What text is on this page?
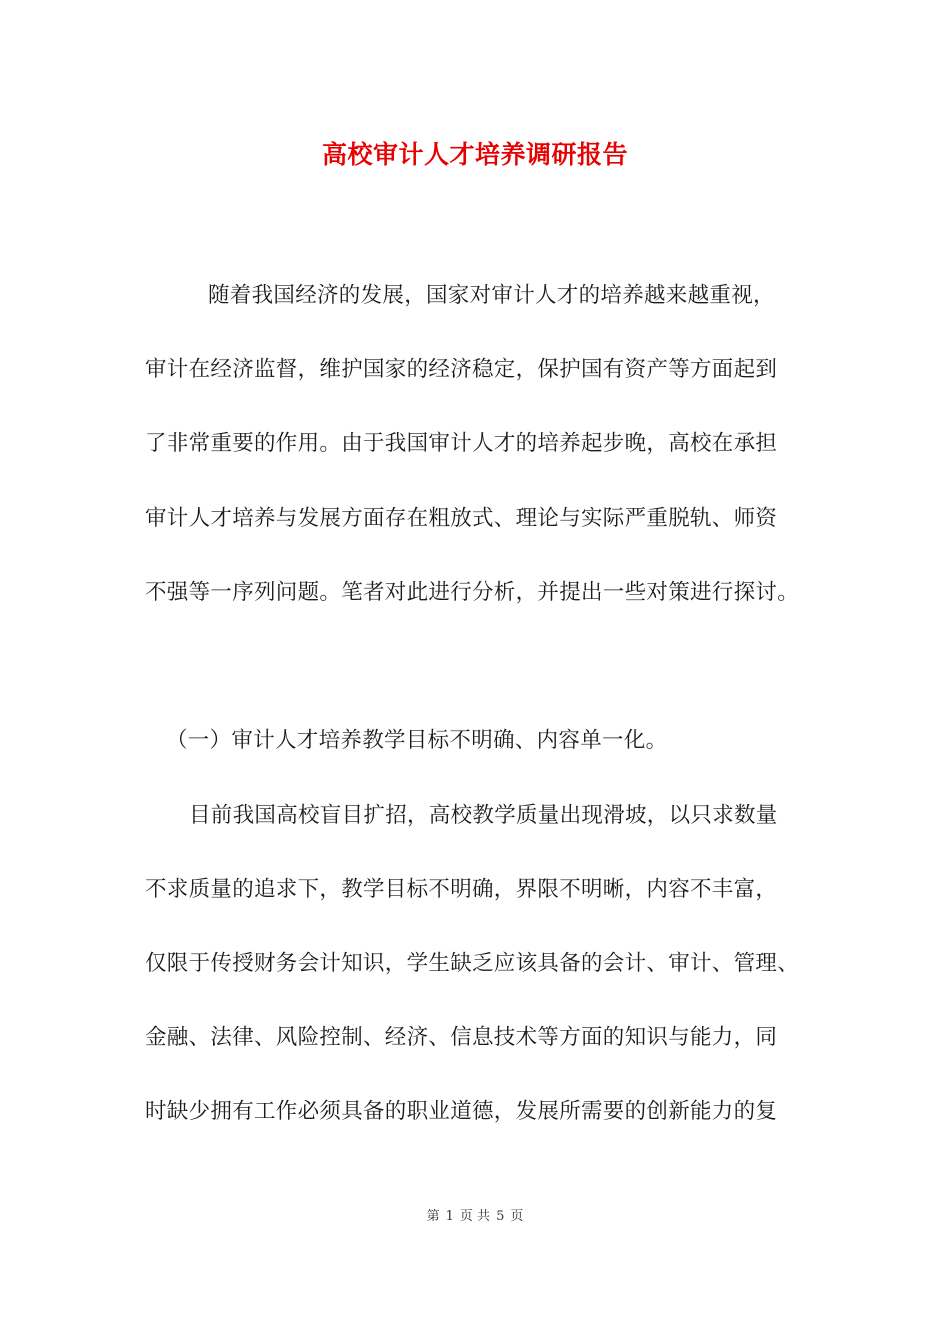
高校审计人才培养调研报告
随着我国经济的发展，国家对审计人才的培养越来越重视，
审计在经济监督，维护国家的经济稳定，保护国有资产等方面起到
了非常重要的作用。由于我国审计人才的培养起步晚，高校在承担
审计人才培养与发展方面存在粗放式、理论与实际严重脱轨、师资
不强等一序列问题。笔者对此进行分析，并提出一些对策进行探讨。
（一）审计人才培养教学目标不明确、内容单一化。
目前我国高校盲目扩招，高校教学质量出现滑坡，以只求数量
不求质量的追求下，教学目标不明确，界限不明晰，内容不丰富，
仅限于传授财务会计知识，学生缺乏应该具备的会计、审计、管理、
金融、法律、风险控制、经济、信息技术等方面的知识与能力，同
时缺少拥有工作必须具备的职业道德，发展所需要的创新能力的复
第 1 页 共 5 页
